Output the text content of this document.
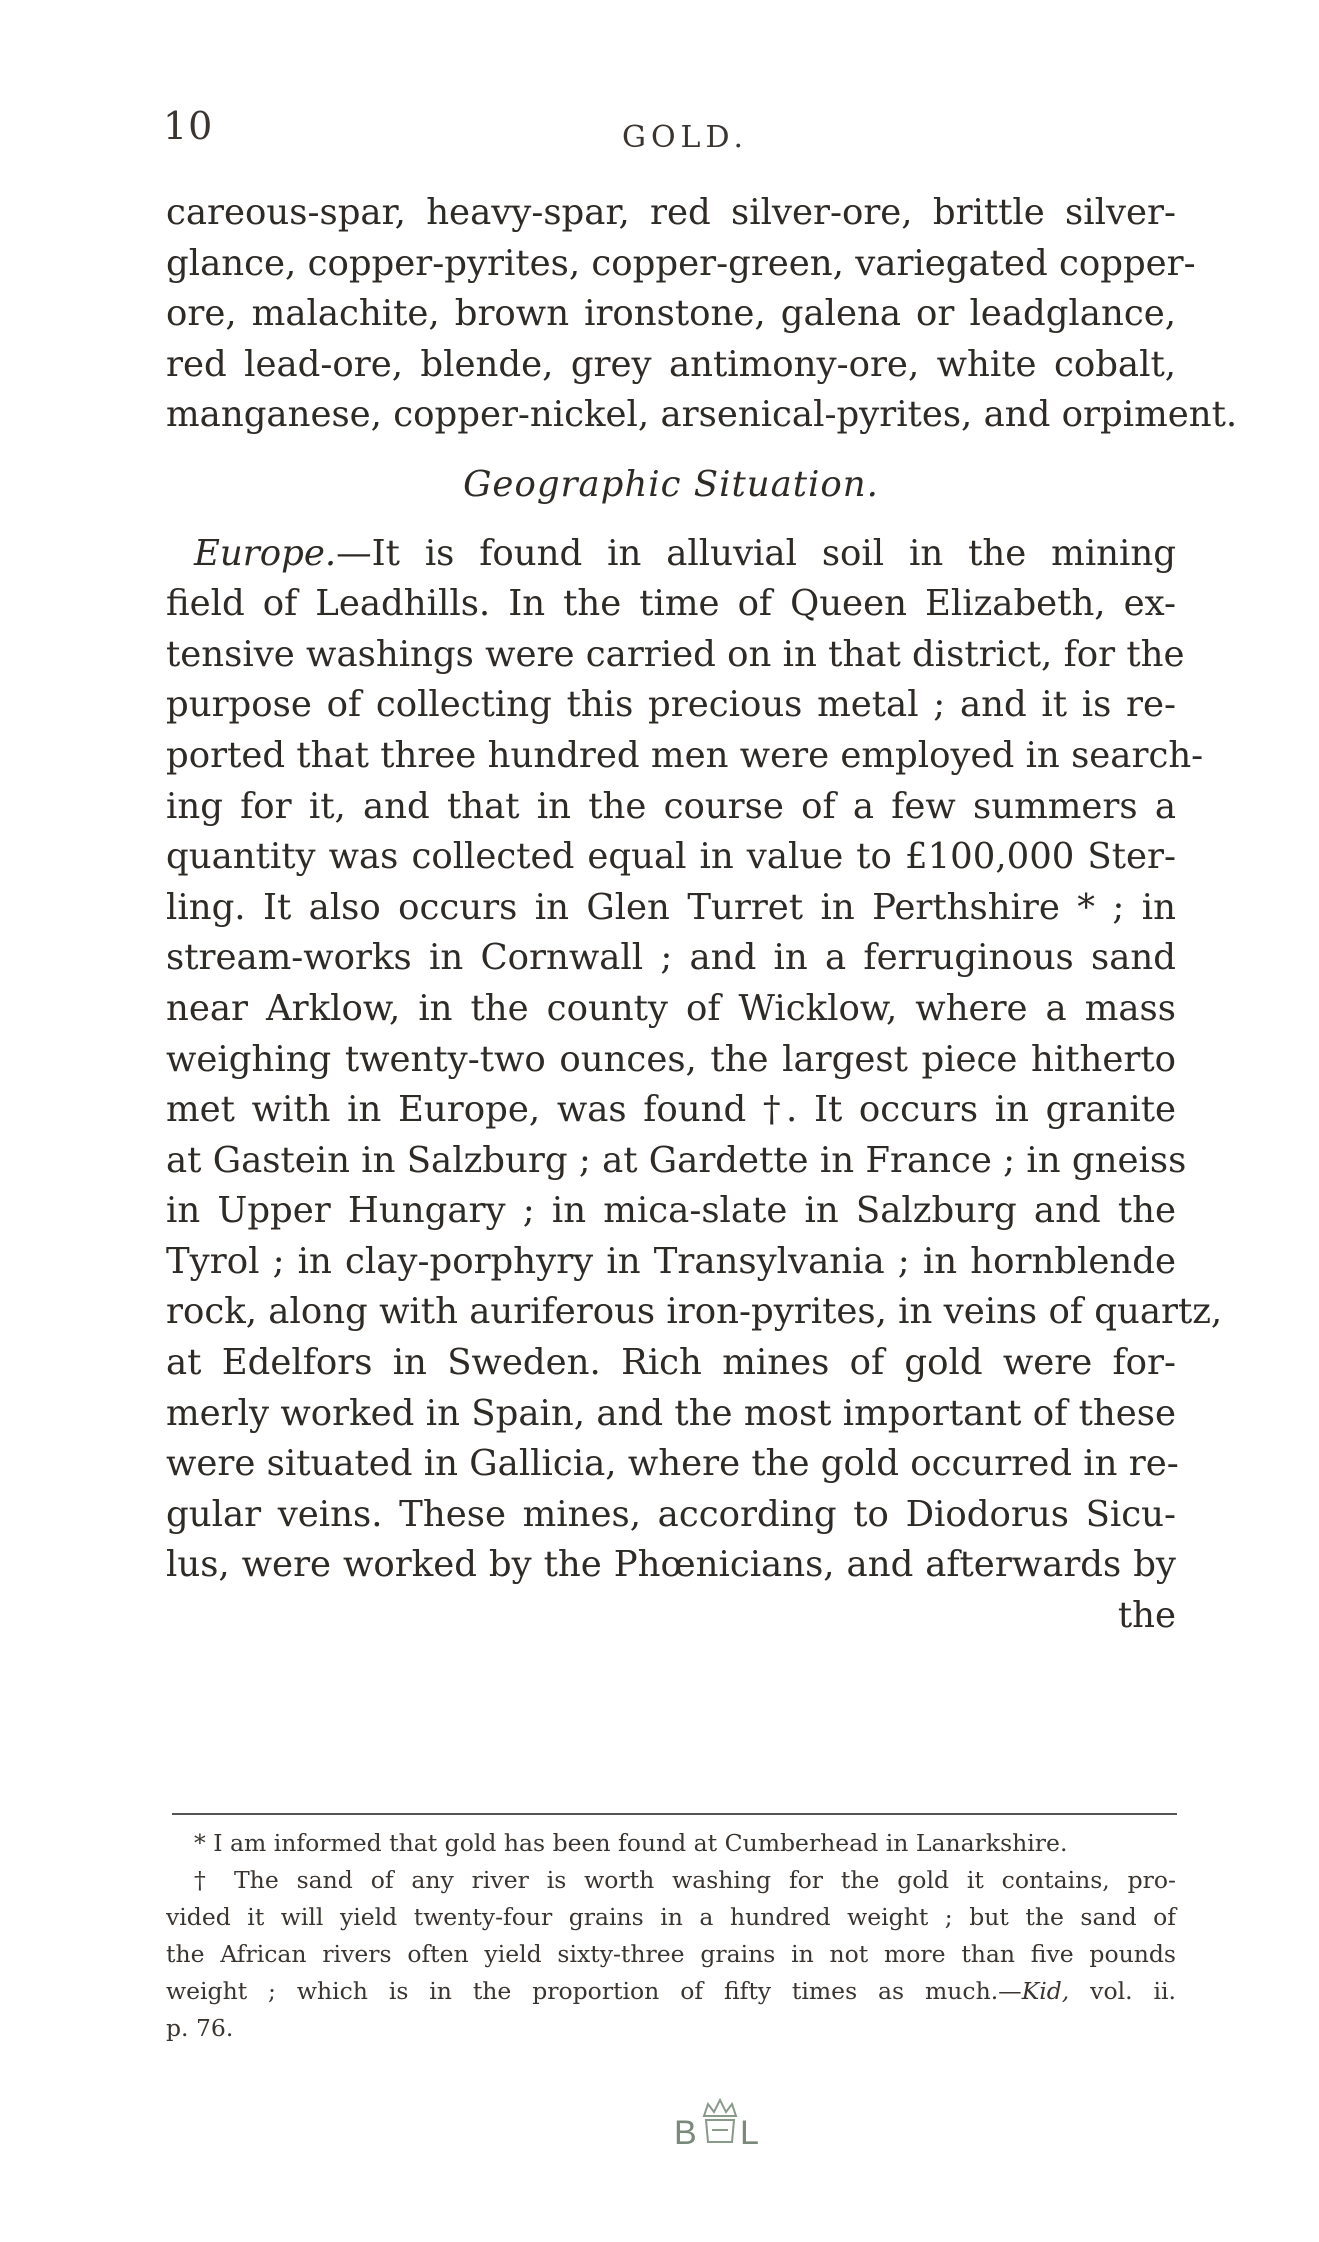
10	GOLD.
careous-spar, heavy-spar, red silver-ore, brittle silver-
glance, copper-pyrites, copper-green, variegated copper-
ore, malachite, brown ironstone, galena or leadglance,
red lead-ore, blende, grey antimony-ore, white cobalt,
manganese, copper-nickel, arsenical-pyrites, and orpiment.
Geographic Situation.
Europe.—It is found in alluvial soil in the mining
field of Leadhills. In the time of Queen Elizabeth, ex-
tensive washings were carried on in that district, for the
purpose of collecting this precious metal ; and it is re-
ported that three hundred men were employed in search-
ing for it, and that in the course of a few summers a
quantity was collected equal in value to £100,000 Ster-
ling. It also occurs in Glen Turret in Perthshire * ; in
stream-works in Cornwall ; and in a ferruginous sand
near Arklow, in the county of Wicklow, where a mass
weighing twenty-two ounces, the largest piece hitherto
met with in Europe, was found †. It occurs in granite
at Gastein in Salzburg ; at Gardette in France ; in gneiss
in Upper Hungary ; in mica-slate in Salzburg and the
Tyrol ; in clay-porphyry in Transylvania ; in hornblende
rock, along with auriferous iron-pyrites, in veins of quartz,
at Edelfors in Sweden. Rich mines of gold were for-
merly worked in Spain, and the most important of these
were situated in Gallicia, where the gold occurred in re-
gular veins. These mines, according to Diodorus Sicu-
lus, were worked by the Phœnicians, and afterwards by
the
* I am informed that gold has been found at Cumberhead in Lanarkshire.
† The sand of any river is worth washing for the gold it contains, pro-
vided it will yield twenty-four grains in a hundred weight ; but the sand of
the African rivers often yield sixty-three grains in not more than five pounds
weight ; which is in the proportion of fifty times as much.—Kid, vol. ii.
p. 76.
B L
